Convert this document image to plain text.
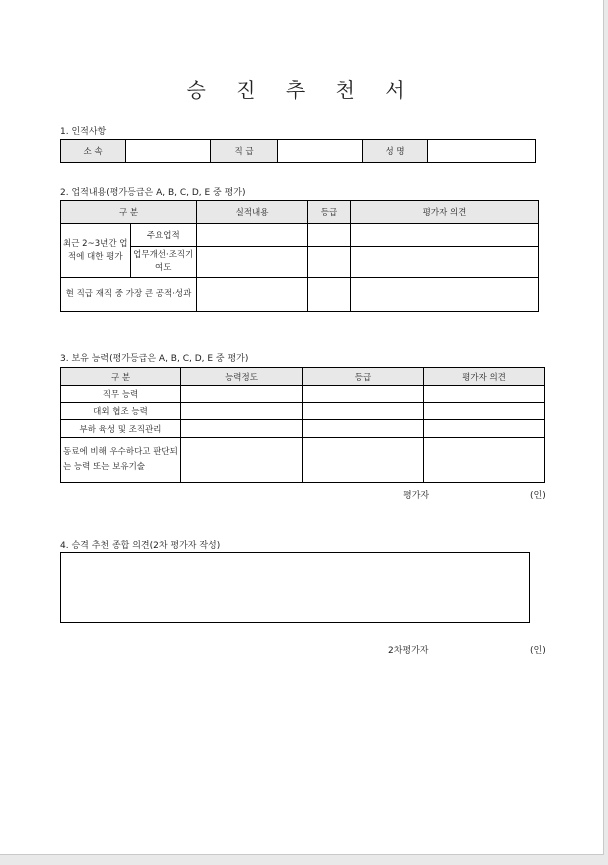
승 진 추 천 서
1. 인적사항
소 속		직 급		성 명	
2. 업적내용(평가등급은 A, B, C, D, E 중 평가)
구 분		실적내용	등급	평가자 의견
최근 2~3년간 업적에 대한 평가	주요업적			
	업무개선·조직기여도			
현 직급 재직 중 가장 큰 공적·성과				
3. 보유 능력(평가등급은 A, B, C, D, E 중 평가)
구 분	능력정도	등급	평가자 의견
직무 능력			
대외 협조 능력			
부하 육성 및 조직관리			
동료에 비해 우수하다고 판단되는 능력 또는 보유기술			
평가자	(인)
4. 승격 추천 종합 의견(2차 평가자 작성)
2차평가자	(인)
